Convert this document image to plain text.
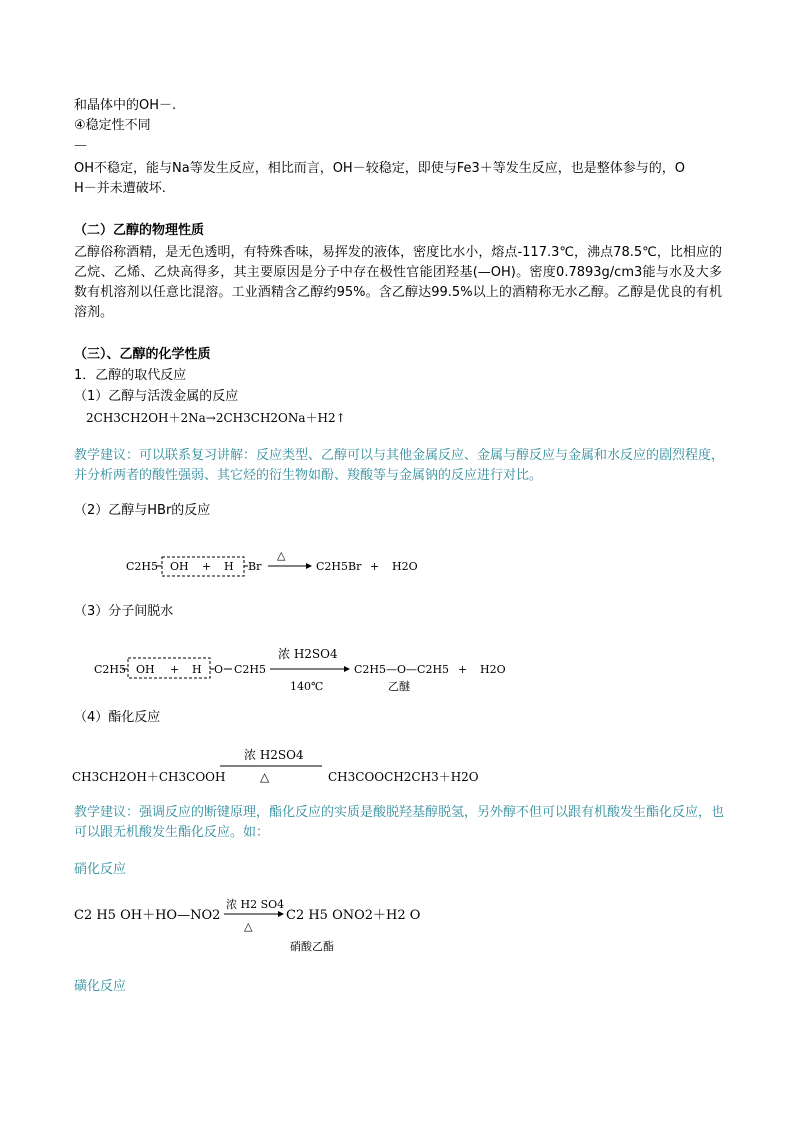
和晶体中的OH－.
④稳定性不同
—
OH不稳定，能与Na等发生反应，相比而言，OH－较稳定，即使与Fe3＋等发生反应，也是整体参与的，O
H－并未遭破坏.
（二）乙醇的物理性质
乙醇俗称酒精，是无色透明，有特殊香味，易挥发的液体，密度比水小，熔点-117.3℃，沸点78.5℃，比相应的乙烷、乙烯、乙炔高得多，其主要原因是分子中存在极性官能团羟基(—OH)。密度0.7893g/cm3能与水及大多数有机溶剂以任意比混溶。工业酒精含乙醇约95%。含乙醇达99.5%以上的酒精称无水乙醇。乙醇是优良的有机溶剂。
（三）、乙醇的化学性质
1．乙醇的取代反应
（1）乙醇与活泼金属的反应
2CH3CH2OH＋2Na→2CH3CH2ONa＋H2↑
教学建议：可以联系复习讲解：反应类型、乙醇可以与其他金属反应、金属与醇反应与金属和水反应的剧烈程度，并分析两者的酸性强弱、其它烃的衍生物如酚、羧酸等与金属钠的反应进行对比。
（2）乙醇与HBr的反应
C2H5 OH + H Br
△
C2H5Br + H2O
（3）分子间脱水
C2H5 OH + H O C2H5
浓 H2SO4
140℃
C2H5—O—C2H5 + H2O
乙醚
（4）酯化反应
CH3CH2OH＋CH3COOH
浓 H2SO4
△	CH3COOCH2CH3＋H2O
教学建议：强调反应的断键原理，酯化反应的实质是酸脱羟基醇脱氢，另外醇不但可以跟有机酸发生酯化反应，也可以跟无机酸发生酯化反应。如：
硝化反应
C2 H5 OH＋HO—NO2
浓 H2 SO4
△
C2 H5 ONO2＋H2 O
硝酸乙酯
磺化反应
